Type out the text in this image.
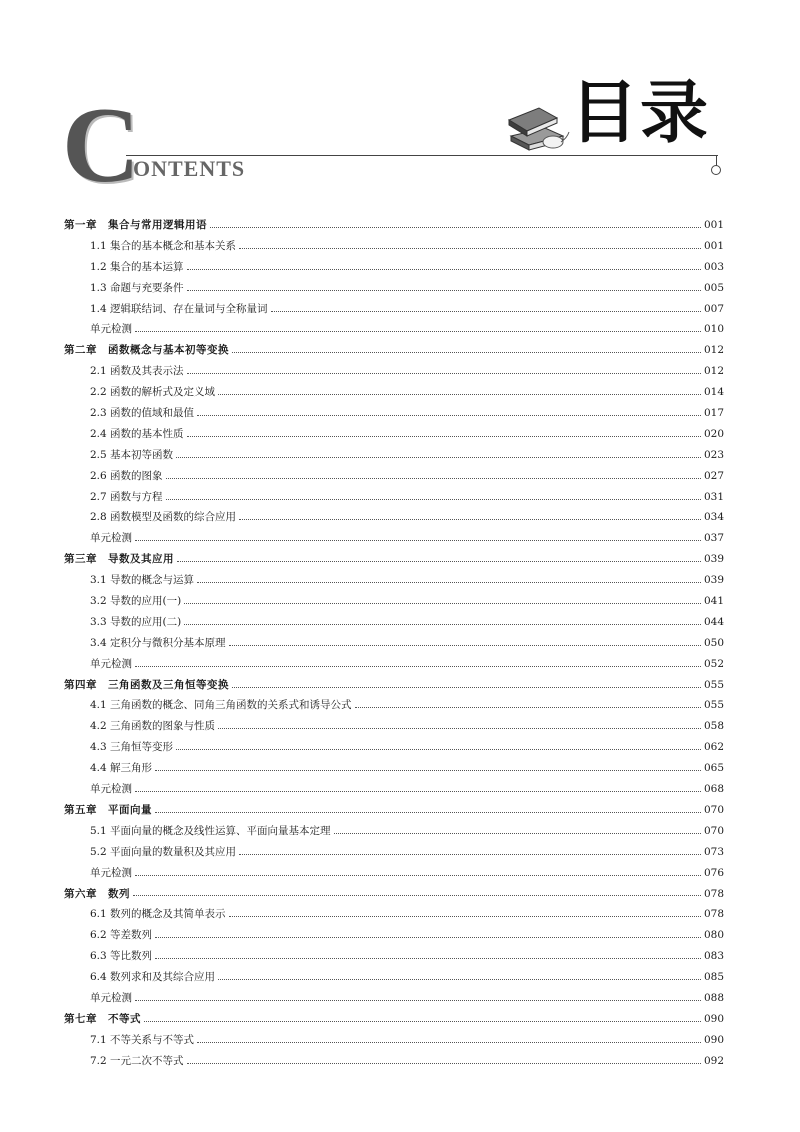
C
ONTENTS
目录
第一章　集合与常用逻辑用语	001
1.1 集合的基本概念和基本关系	001
1.2 集合的基本运算	003
1.3 命题与充要条件	005
1.4 逻辑联结词、存在量词与全称量词	007
单元检测	010
第二章　函数概念与基本初等变换	012
2.1 函数及其表示法	012
2.2 函数的解析式及定义域	014
2.3 函数的值域和最值	017
2.4 函数的基本性质	020
2.5 基本初等函数	023
2.6 函数的图象	027
2.7 函数与方程	031
2.8 函数模型及函数的综合应用	034
单元检测	037
第三章　导数及其应用	039
3.1 导数的概念与运算	039
3.2 导数的应用(一)	041
3.3 导数的应用(二)	044
3.4 定积分与微积分基本原理	050
单元检测	052
第四章　三角函数及三角恒等变换	055
4.1 三角函数的概念、同角三角函数的关系式和诱导公式	055
4.2 三角函数的图象与性质	058
4.3 三角恒等变形	062
4.4 解三角形	065
单元检测	068
第五章　平面向量	070
5.1 平面向量的概念及线性运算、平面向量基本定理	070
5.2 平面向量的数量积及其应用	073
单元检测	076
第六章　数列	078
6.1 数列的概念及其简单表示	078
6.2 等差数列	080
6.3 等比数列	083
6.4 数列求和及其综合应用	085
单元检测	088
第七章　不等式	090
7.1 不等关系与不等式	090
7.2 一元二次不等式	092
